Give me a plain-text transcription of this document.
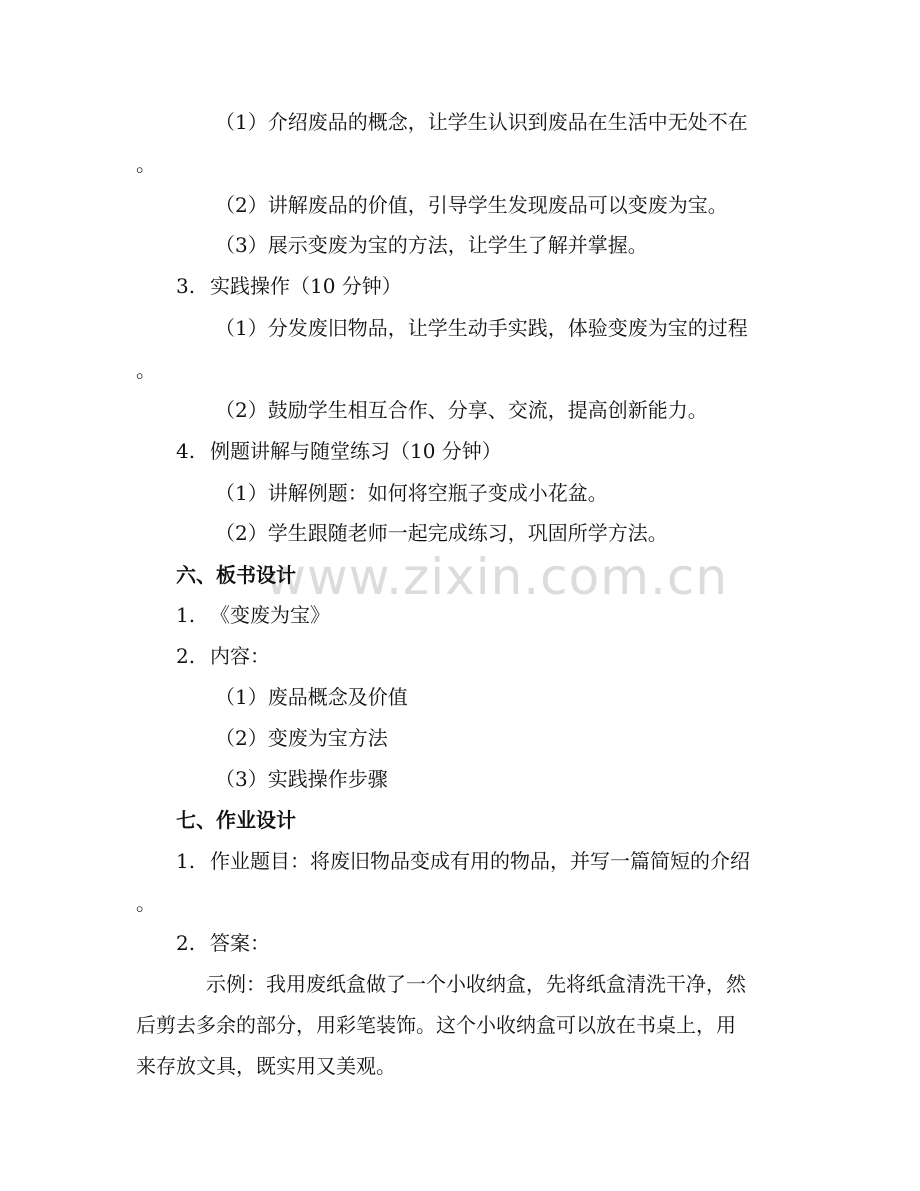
www.zixin.com.cn
（1）介绍废品的概念，让学生认识到废品在生活中无处不在
。
（2）讲解废品的价值，引导学生发现废品可以变废为宝。
（3）展示变废为宝的方法，让学生了解并掌握。
3. 实践操作（10 分钟）
（1）分发废旧物品，让学生动手实践，体验变废为宝的过程
。
（2）鼓励学生相互合作、分享、交流，提高创新能力。
4. 例题讲解与随堂练习（10 分钟）
（1）讲解例题：如何将空瓶子变成小花盆。
（2）学生跟随老师一起完成练习，巩固所学方法。
六、板书设计
1. 《变废为宝》
2. 内容：
（1）废品概念及价值
（2）变废为宝方法
（3）实践操作步骤
七、作业设计
1. 作业题目：将废旧物品变成有用的物品，并写一篇简短的介绍
。
2. 答案：
示例：我用废纸盒做了一个小收纳盒，先将纸盒清洗干净，然
后剪去多余的部分，用彩笔装饰。这个小收纳盒可以放在书桌上，用
来存放文具，既实用又美观。
